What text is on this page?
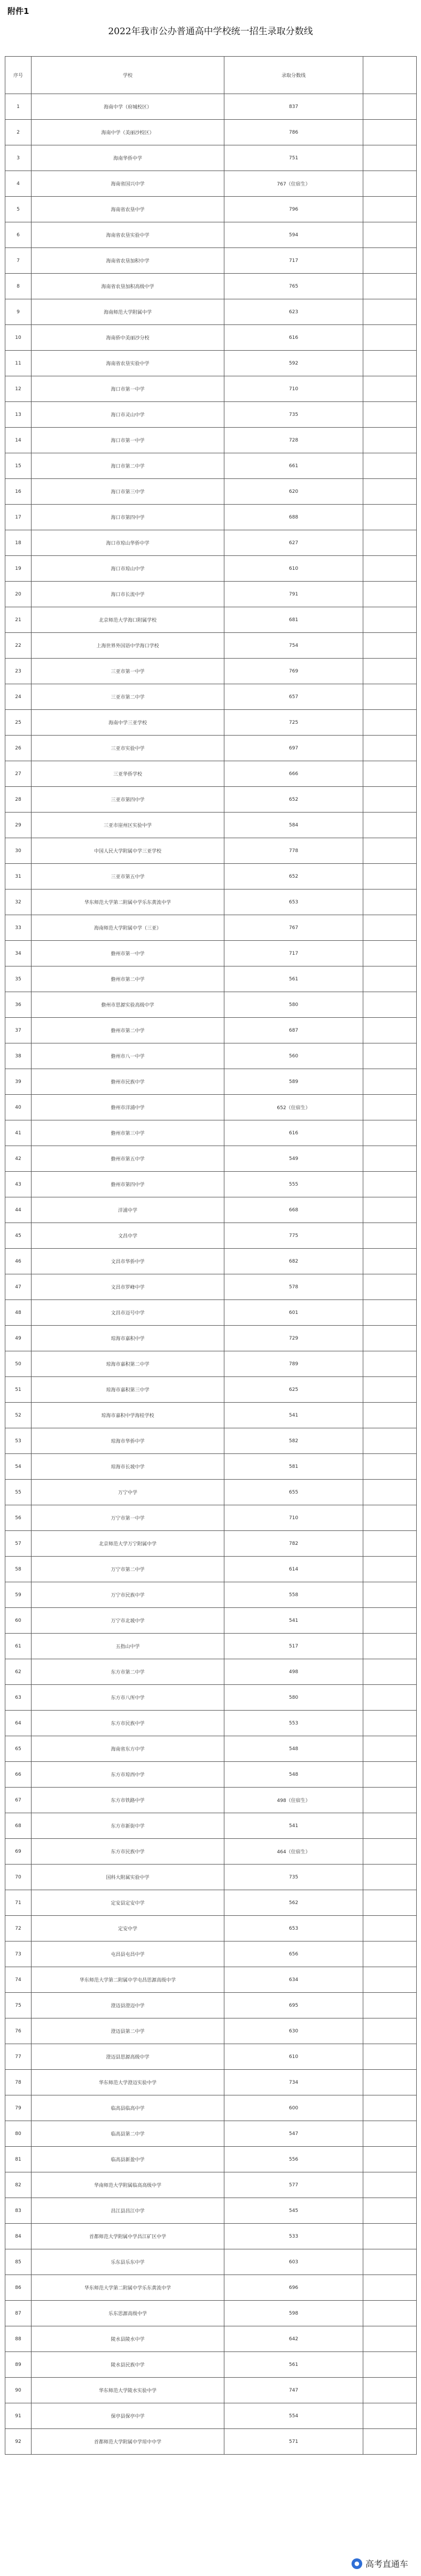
附件1
2022年我市公办普通高中学校统一招生录取分数线
序号	学校	录取分数线	
1	海南中学（府城校区）	837	
2	海南中学（美丽沙校区）	786	
3	海南华侨中学	751	
4	海南省国兴中学	767（住宿生）	
5	海南省农垦中学	796	
6	海南省农垦实验中学	594	
7	海南省农垦加积中学	717	
8	海南省农垦加积高级中学	765	
9	海南师范大学附属中学	623	
10	海南侨中美丽沙分校	616	
11	海南省农垦实验中学	592	
12	海口市第一中学	710	
13	海口市灵山中学	735	
14	海口市第一中学	728	
15	海口市第二中学	661	
16	海口市第三中学	620	
17	海口市第四中学	688	
18	海口市琼山华侨中学	627	
19	海口市琼山中学	610	
20	海口市长流中学	791	
21	北京师范大学海口附属学校	681	
22	上海世界外国语中学海口学校	754	
23	三亚市第一中学	769	
24	三亚市第二中学	657	
25	海南中学三亚学校	725	
26	三亚市实验中学	697	
27	三亚华侨学校	666	
28	三亚市第四中学	652	
29	三亚市崖州区实验中学	584	
30	中国人民大学附属中学三亚学校	778	
31	三亚市第五中学	652	
32	华东师范大学第二附属中学乐东黄流中学	653	
33	海南师范大学附属中学（三亚）	767	
34	儋州市第一中学	717	
35	儋州市第二中学	561	
36	儋州市思源实验高级中学	580	
37	儋州市第二中学	687	
38	儋州市八一中学	560	
39	儋州市民族中学	589	
40	儋州市洋浦中学	652（住宿生）	
41	儋州市第三中学	616	
42	儋州市第五中学	549	
43	儋州市第四中学	555	
44	洋浦中学	668	
45	文昌中学	775	
46	文昌市华侨中学	682	
47	文昌市罗峰中学	578	
48	文昌市迈号中学	601	
49	琼海市嘉积中学	729	
50	琼海市嘉积第二中学	789	
51	琼海市嘉积第三中学	625	
52	琼海市嘉积中学海桂学校	541	
53	琼海市华侨中学	582	
54	琼海市长坡中学	581	
55	万宁中学	655	
56	万宁市第一中学	710	
57	北京师范大学万宁附属中学	782	
58	万宁市第二中学	614	
59	万宁市民族中学	558	
60	万宁市北坡中学	541	
61	五指山中学	517	
62	东方市第二中学	498	
63	东方市八所中学	580	
64	东方市民族中学	553	
65	海南省东方中学	548	
66	东方市琼西中学	548	
67	东方市铁路中学	498（住宿生）	
68	东方市新街中学	541	
69	东方市民族中学	464（住宿生）	
70	国科大附属实验中学	735	
71	定安县定安中学	562	
72	定安中学	653	
73	屯昌县屯昌中学	656	
74	华东师范大学第二附属中学屯昌思源高级中学	634	
75	澄迈县澄迈中学	695	
76	澄迈县第二中学	630	
77	澄迈县思源高级中学	610	
78	华东师范大学澄迈实验中学	734	
79	临高县临高中学	600	
80	临高县第二中学	547	
81	临高县新盈中学	556	
82	华南师范大学附属临高高级中学	577	
83	昌江县昌江中学	545	
84	首都师范大学附属中学昌江矿区中学	533	
85	乐东县乐东中学	603	
86	华东师范大学第二附属中学乐东黄流中学	696	
87	乐东思源高级中学	598	
88	陵水县陵水中学	642	
89	陵水县民族中学	561	
90	华东师范大学陵水实验中学	747	
91	保亭县保亭中学	554	
92	首都师范大学附属中学琼中中学	571	
● 高考直通车
